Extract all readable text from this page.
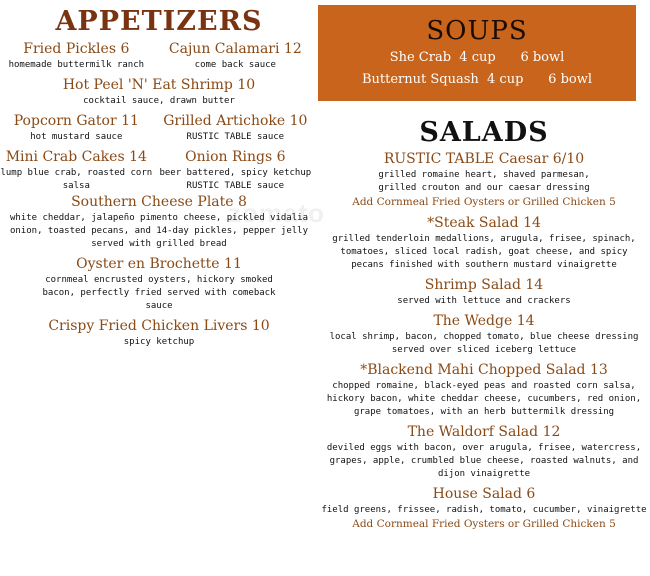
zomato
APPETIZERS
Fried Pickles 6
homemade buttermilk ranch
Cajun Calamari 12
come back sauce
Hot Peel 'N' Eat Shrimp 10
cocktail sauce, drawn butter
Popcorn Gator 11
hot mustard sauce
Grilled Artichoke 10
RUSTIC TABLE sauce
Mini Crab Cakes 14
lump blue crab, roasted corn salsa
Onion Rings 6
beer battered, spicy ketchup
RUSTIC TABLE sauce
Southern Cheese Plate 8
white cheddar, jalapeño pimento cheese, pickled vidalia onion, toasted pecans, and 14-day pickles, pepper jelly served with grilled bread
Oyster en Brochette 11
cornmeal encrusted oysters, hickory smoked bacon, perfectly fried served with comeback sauce
Crispy Fried Chicken Livers 10
spicy ketchup
SOUPS
She Crab  4 cup      6 bowl
Butternut Squash  4 cup      6 bowl
SALADS
RUSTIC TABLE Caesar 6/10
grilled romaine heart, shaved parmesan, grilled crouton and our caesar dressing
Add Cornmeal Fried Oysters or Grilled Chicken 5
*Steak Salad 14
grilled tenderloin medallions, arugula, frisee, spinach, tomatoes, sliced local radish, goat cheese, and spicy pecans finished with southern mustard vinaigrette
Shrimp Salad 14
served with lettuce and crackers
The Wedge 14
local shrimp, bacon, chopped tomato, blue cheese dressing served over sliced iceberg lettuce
*Blackend Mahi Chopped Salad 13
chopped romaine, black-eyed peas and roasted corn salsa, hickory bacon, white cheddar cheese, cucumbers, red onion, grape tomatoes, with an herb buttermilk dressing
The Waldorf Salad 12
deviled eggs with bacon, over arugula, frisee, watercress, grapes, apple, crumbled blue cheese, roasted walnuts, and dijon vinaigrette
House Salad 6
field greens, frissee, radish, tomato, cucumber, vinaigrette
Add Cornmeal Fried Oysters or Grilled Chicken 5
